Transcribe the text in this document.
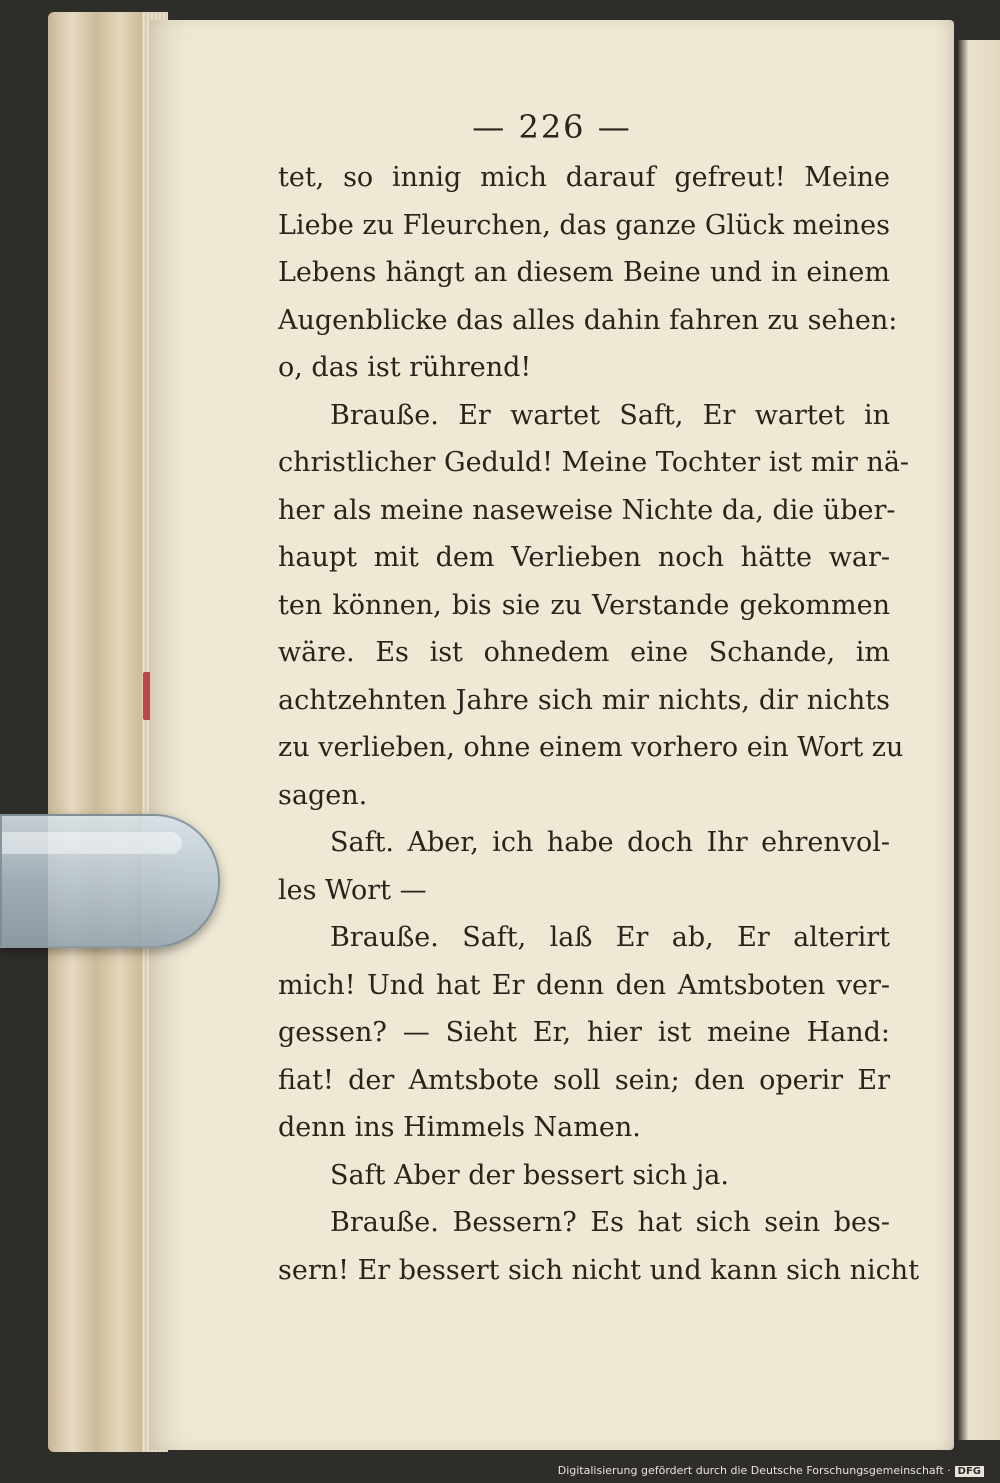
— 226 —
tet, so innig mich darauf gefreut! Meine
Liebe zu Fleurchen, das ganze Glück meines
Lebens hängt an diesem Beine und in einem
Augenblicke das alles dahin fahren zu sehen:
o, das ist rührend!
Brauße. Er wartet Saft, Er wartet in
christlicher Geduld! Meine Tochter ist mir nä-
her als meine naseweise Nichte da, die über-
haupt mit dem Verlieben noch hätte war-
ten können, bis sie zu Verstande gekommen
wäre. Es ist ohnedem eine Schande, im
achtzehnten Jahre sich mir nichts, dir nichts
zu verlieben, ohne einem vorhero ein Wort zu
sagen.
Saft. Aber, ich habe doch Ihr ehrenvol-
les Wort —
Brauße. Saft, laß Er ab, Er alterirt
mich! Und hat Er denn den Amtsboten ver-
gessen? — Sieht Er, hier ist meine Hand:
fiat! der Amtsbote soll sein; den operir Er
denn ins Himmels Namen.
Saft Aber der bessert sich ja.
Brauße. Bessern? Es hat sich sein bes-
sern! Er bessert sich nicht und kann sich nicht
Digitalisierung gefördert durch die Deutsche Forschungsgemeinschaft · DFG
